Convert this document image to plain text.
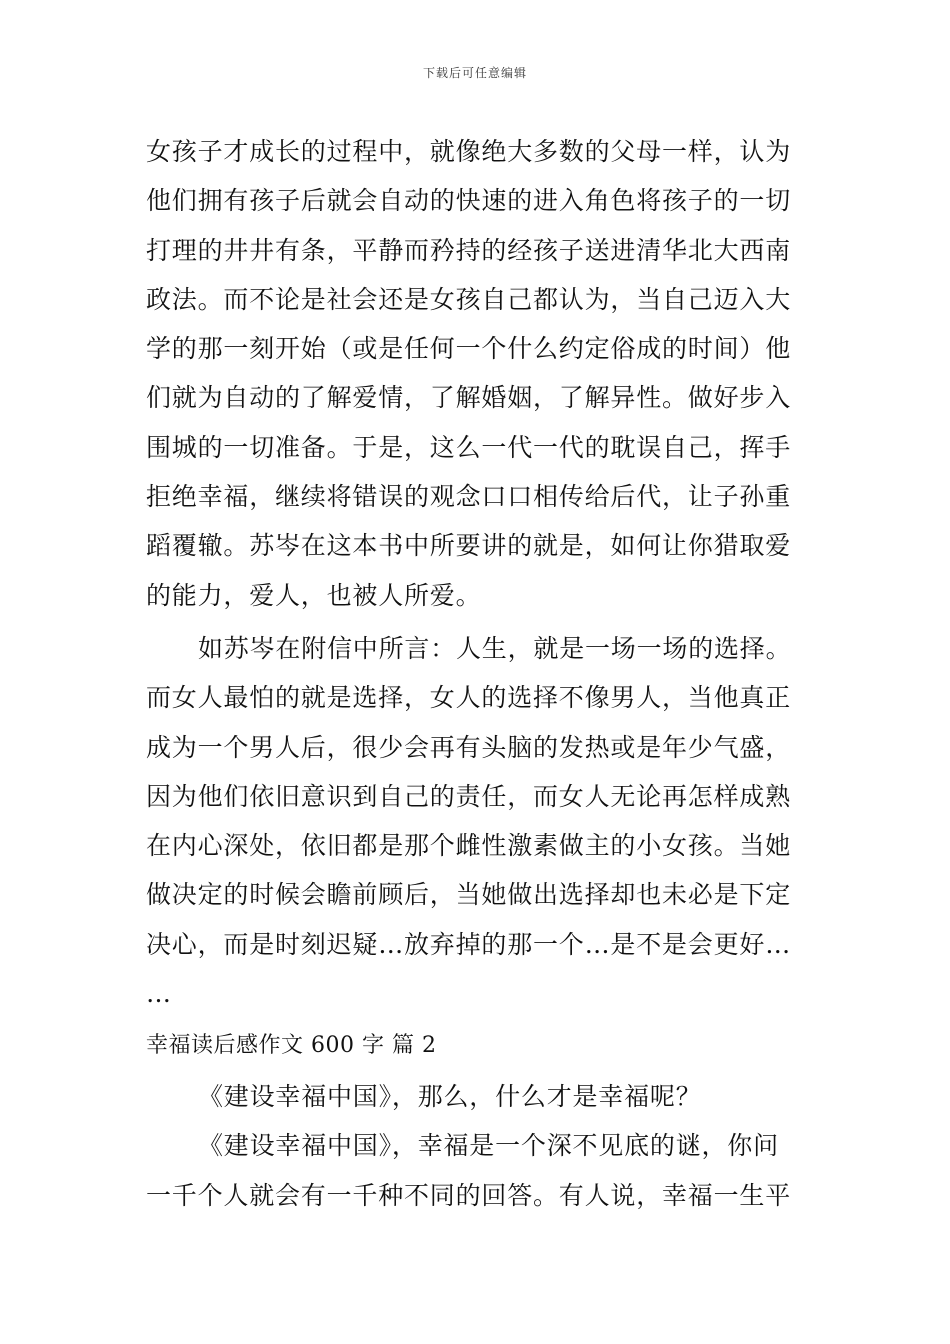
下载后可任意编辑
女孩子才成长的过程中，就像绝大多数的父母一样，认为
他们拥有孩子后就会自动的快速的进入角色将孩子的一切
打理的井井有条，平静而矜持的经孩子送进清华北大西南
政法。而不论是社会还是女孩自己都认为，当自己迈入大
学的那一刻开始（或是任何一个什么约定俗成的时间）他
们就为自动的了解爱情，了解婚姻，了解异性。做好步入
围城的一切准备。于是，这么一代一代的耽误自己，挥手
拒绝幸福，继续将错误的观念口口相传给后代，让子孙重
蹈覆辙。苏岑在这本书中所要讲的就是，如何让你猎取爱
的能力，爱人，也被人所爱。
如苏岑在附信中所言：人生，就是一场一场的选择。
而女人最怕的就是选择，女人的选择不像男人，当他真正
成为一个男人后，很少会再有头脑的发热或是年少气盛，
因为他们依旧意识到自己的责任，而女人无论再怎样成熟
在内心深处，依旧都是那个雌性激素做主的小女孩。当她
做决定的时候会瞻前顾后，当她做出选择却也未必是下定
决心，而是时刻迟疑…放弃掉的那一个…是不是会更好…
…
幸福读后感作文 600 字 篇 2
《建设幸福中国》，那么，什么才是幸福呢？
《建设幸福中国》，幸福是一个深不见底的谜，你问
一千个人就会有一千种不同的回答。有人说，幸福一生平
